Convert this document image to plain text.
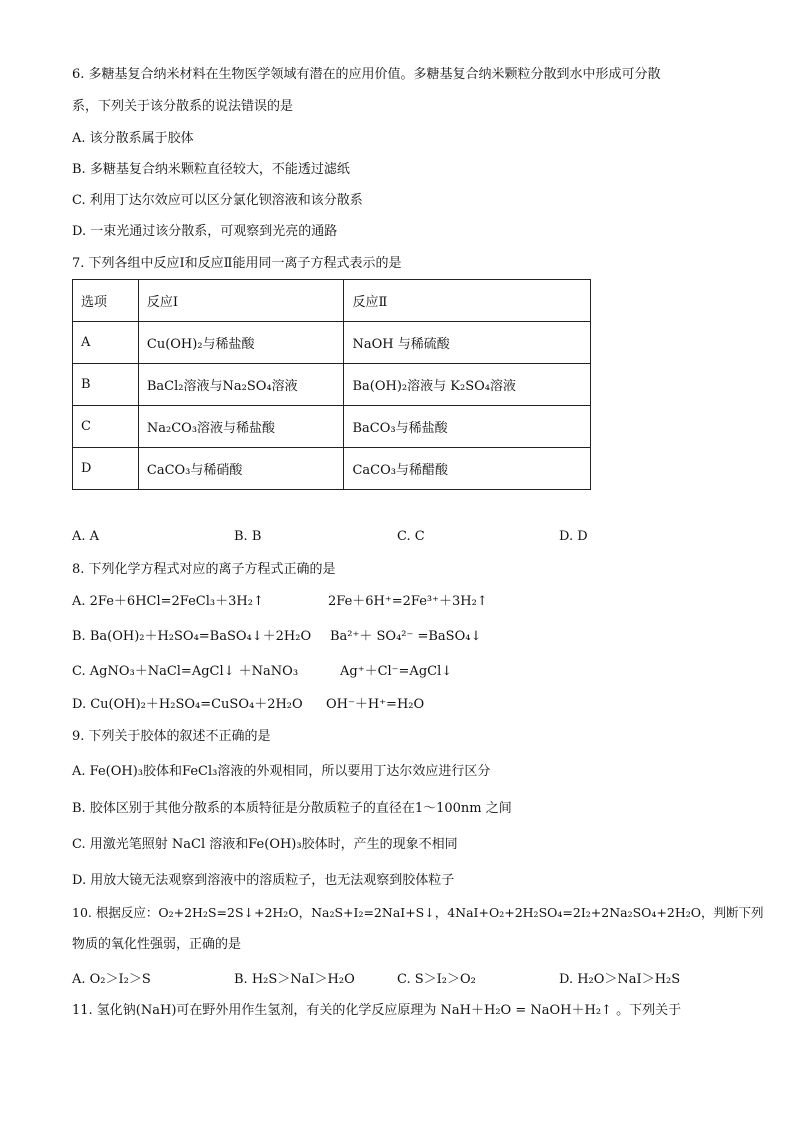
6. 多糖基复合纳米材料在生物医学领域有潜在的应用价值。多糖基复合纳米颗粒分散到水中形成可分散
系，下列关于该分散系的说法错误的是
A. 该分散系属于胶体
B. 多糖基复合纳米颗粒直径较大，不能透过滤纸
C. 利用丁达尔效应可以区分氯化钡溶液和该分散系
D. 一束光通过该分散系，可观察到光亮的通路
7. 下列各组中反应Ⅰ和反应Ⅱ能用同一离子方程式表示的是
选项	反应Ⅰ	反应Ⅱ
A	Cu(OH)₂与稀盐酸	NaOH 与稀硫酸
B	BaCl₂溶液与Na₂SO₄溶液	Ba(OH)₂溶液与 K₂SO₄溶液
C	Na₂CO₃溶液与稀盐酸	BaCO₃与稀盐酸
D	CaCO₃与稀硝酸	CaCO₃与稀醋酸
A. A	B. B	C. C	D. D
8. 下列化学方程式对应的离子方程式正确的是
A. 2Fe＋6HCl=2FeCl₃＋3H₂↑	2Fe＋6H⁺=2Fe³⁺＋3H₂↑
B. Ba(OH)₂＋H₂SO₄=BaSO₄↓＋2H₂O Ba²⁺＋ SO₄²⁻ =BaSO₄↓
C. AgNO₃＋NaCl=AgCl↓ ＋NaNO₃	Ag⁺＋Cl⁻=AgCl↓
D. Cu(OH)₂＋H₂SO₄=CuSO₄＋2H₂O OH⁻＋H⁺=H₂O
9. 下列关于胶体的叙述不正确的是
A. Fe(OH)₃胶体和FeCl₃溶液的外观相同，所以要用丁达尔效应进行区分
B. 胶体区别于其他分散系的本质特征是分散质粒子的直径在1～100nm 之间
C. 用激光笔照射 NaCl 溶液和Fe(OH)₃胶体时，产生的现象不相同
D. 用放大镜无法观察到溶液中的溶质粒子，也无法观察到胶体粒子
10. 根据反应：O₂+2H₂S=2S↓+2H₂O，Na₂S+I₂=2NaI+S↓，4NaI+O₂+2H₂SO₄=2I₂+2Na₂SO₄+2H₂O，判断下列
物质的氧化性强弱，正确的是
A. O₂＞I₂＞S	B. H₂S＞NaI＞H₂O	C. S＞I₂＞O₂	D. H₂O＞NaI＞H₂S
11. 氢化钠(NaH)可在野外用作生氢剂，有关的化学反应原理为 NaH＋H₂O = NaOH＋H₂↑ 。下列关于
